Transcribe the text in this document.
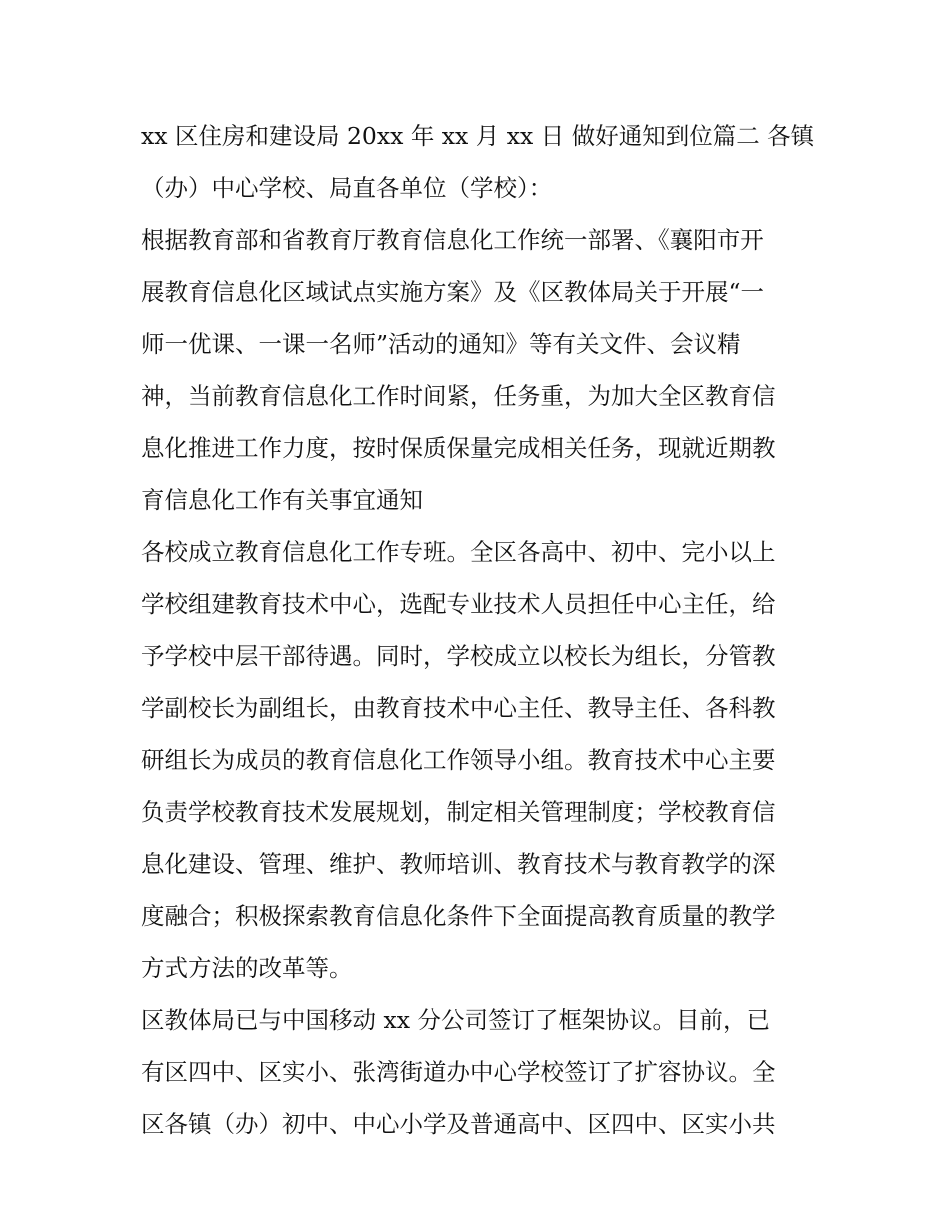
xx 区住房和建设局 20xx 年 xx 月 xx 日 做好通知到位篇二 各镇
（办）中心学校、局直各单位（学校）：
根据教育部和省教育厅教育信息化工作统一部署、《襄阳市开
展教育信息化区域试点实施方案》及《区教体局关于开展“一
师一优课、一课一名师”活动的通知》等有关文件、会议精
神，当前教育信息化工作时间紧，任务重，为加大全区教育信
息化推进工作力度，按时保质保量完成相关任务，现就近期教
育信息化工作有关事宜通知
各校成立教育信息化工作专班。全区各高中、初中、完小以上
学校组建教育技术中心，选配专业技术人员担任中心主任，给
予学校中层干部待遇。同时，学校成立以校长为组长，分管教
学副校长为副组长，由教育技术中心主任、教导主任、各科教
研组长为成员的教育信息化工作领导小组。教育技术中心主要
负责学校教育技术发展规划，制定相关管理制度；学校教育信
息化建设、管理、维护、教师培训、教育技术与教育教学的深
度融合；积极探索教育信息化条件下全面提高教育质量的教学
方式方法的改革等。
区教体局已与中国移动 xx 分公司签订了框架协议。目前，已
有区四中、区实小、张湾街道办中心学校签订了扩容协议。全
区各镇（办）初中、中心小学及普通高中、区四中、区实小共
